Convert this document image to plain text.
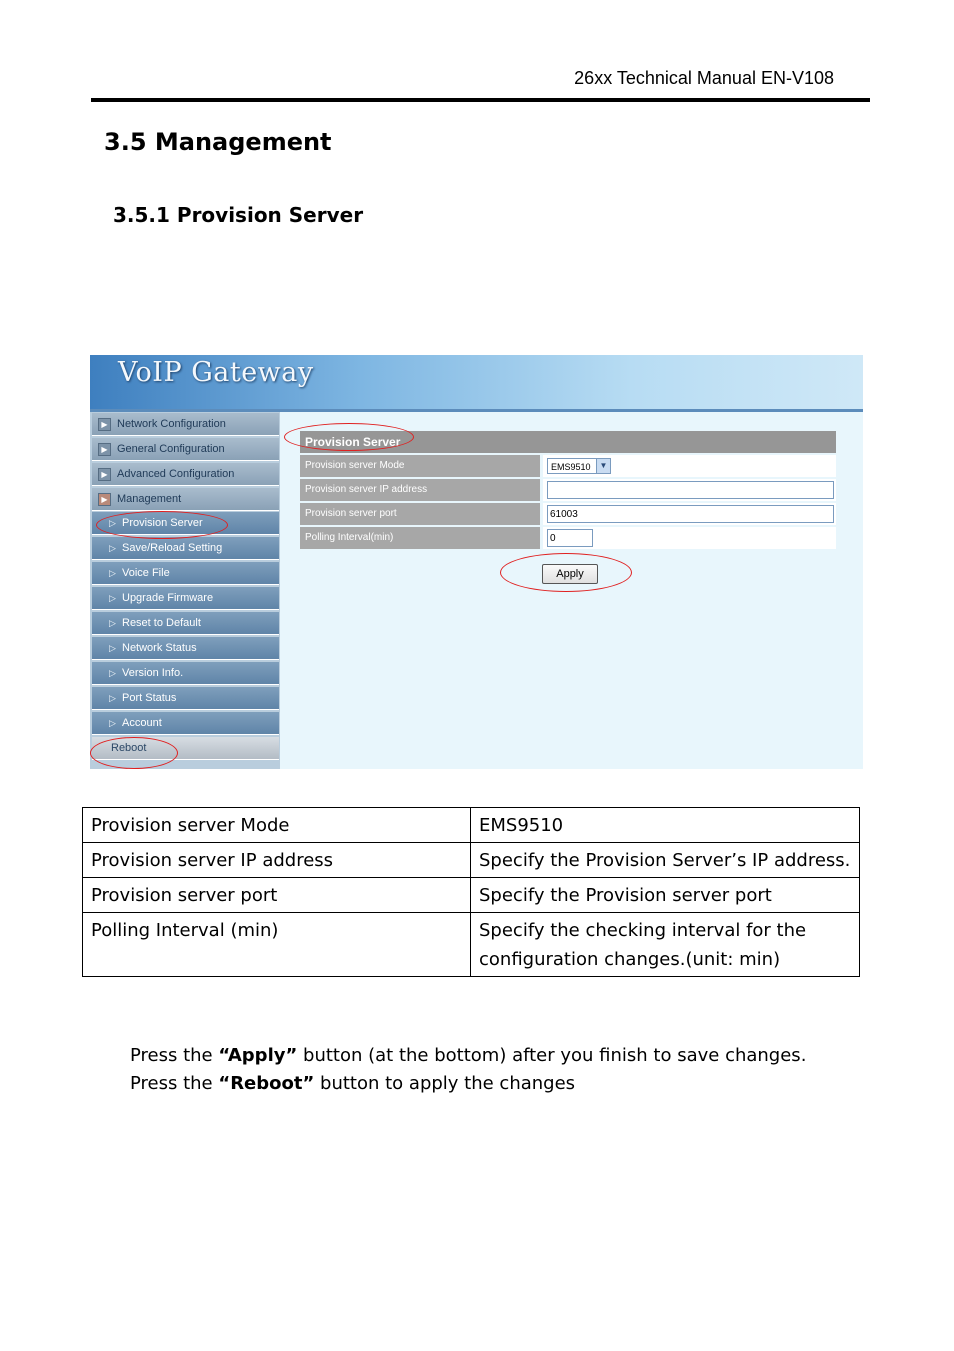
26xx Technical Manual EN-V108
3.5 Management
3.5.1 Provision Server
VoIP Gateway
▶ Network Configuration
▶ General Configuration
▶ Advanced Configuration
▶ Management
▷ Provision Server
▷ Save/Reload Setting
▷ Voice File
▷ Upgrade Firmware
▷ Reset to Default
▷ Network Status
▷ Version Info.
▷ Port Status
▷ Account
Reboot
Provision Server
Provision server Mode	EMS9510	▼
Provision server IP address
Provision server port	61003
Polling Interval(min)	0
Apply
Provision server Mode	EMS9510
Provision server IP address	Specify the Provision Server’s IP address.
Provision server port	Specify the Provision server port
Polling Interval (min)	Specify the checking interval for the configuration changes.(unit: min)
Press the “Apply” button (at the bottom) after you finish to save changes.
Press the “Reboot” button to apply the changes
